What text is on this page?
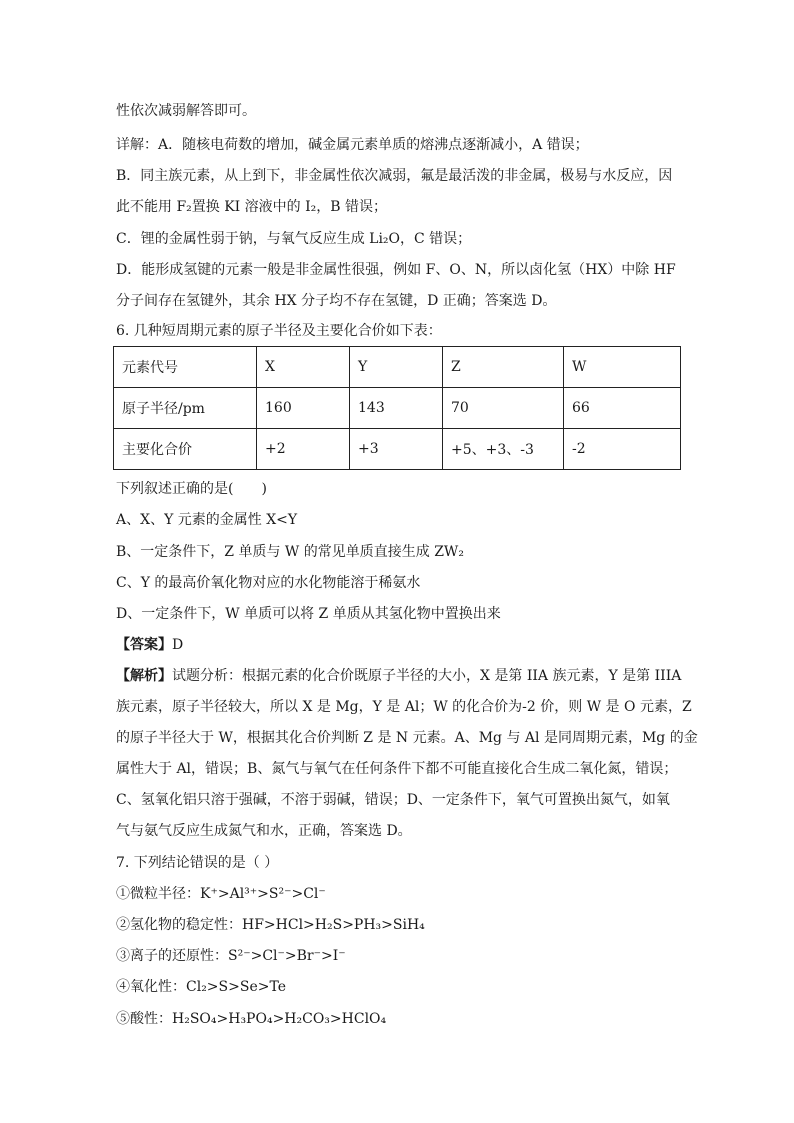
性依次减弱解答即可。
详解：A．随核电荷数的增加，碱金属元素单质的熔沸点逐渐减小，A 错误；
B．同主族元素，从上到下，非金属性依次减弱，氟是最活泼的非金属，极易与水反应，因
此不能用 F₂置换 KI 溶液中的 I₂，B 错误；
C．锂的金属性弱于钠，与氧气反应生成 Li₂O，C 错误；
D．能形成氢键的元素一般是非金属性很强，例如 F、O、N，所以卤化氢（HX）中除 HF
分子间存在氢键外，其余 HX 分子均不存在氢键，D 正确；答案选 D。
6. 几种短周期元素的原子半径及主要化合价如下表：
元素代号	X	Y	Z	W
原子半径/pm	160	143	70	66
主要化合价	+2	+3	+5、+3、-3	-2
下列叙述正确的是(　　)
A、X、Y 元素的金属性 X<Y
B、一定条件下，Z 单质与 W 的常见单质直接生成 ZW₂
C、Y 的最高价氧化物对应的水化物能溶于稀氨水
D、一定条件下，W 单质可以将 Z 单质从其氢化物中置换出来
【答案】D
【解析】试题分析：根据元素的化合价既原子半径的大小，X 是第 IIA 族元素，Y 是第 IIIA
族元素，原子半径较大，所以 X 是 Mg，Y 是 Al；W 的化合价为-2 价，则 W 是 O 元素，Z
的原子半径大于 W，根据其化合价判断 Z 是 N 元素。A、Mg 与 Al 是同周期元素，Mg 的金
属性大于 Al，错误；B、氮气与氧气在任何条件下都不可能直接化合生成二氧化氮，错误；
C、氢氧化铝只溶于强碱，不溶于弱碱，错误；D、一定条件下，氧气可置换出氮气，如氧
气与氨气反应生成氮气和水，正确，答案选 D。
7. 下列结论错误的是（ ）
①微粒半径：K⁺>Al³⁺>S²⁻>Cl⁻
②氢化物的稳定性：HF>HCl>H₂S>PH₃>SiH₄
③离子的还原性：S²⁻>Cl⁻>Br⁻>I⁻
④氧化性：Cl₂>S>Se>Te
⑤酸性：H₂SO₄>H₃PO₄>H₂CO₃>HClO₄
